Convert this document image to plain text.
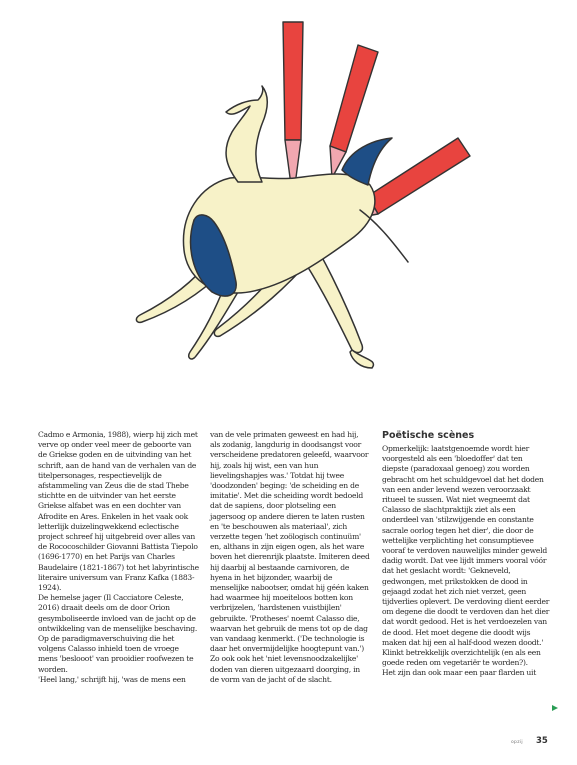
Cadmo e Armonia, 1988), wierp hij zich met verve op onder veel meer de geboorte van de Griekse goden en de uitvinding van het schrift, aan de hand van de verhalen van de titelpersonages, respectievelijk de afstammeling van Zeus die de stad Thebe stichtte en de uitvinder van het eerste Griekse alfabet was en een dochter van Afrodite en Ares. Enkelen in het vaak ook letterlijk duizelingwekkend eclectische project schreef hij uitgebreid over alles van de Rococoschilder Giovanni Battista Tiepolo (1696-1770) en het Parijs van Charles Baudelaire (1821-1867) tot het labyrintische literaire universum van Franz Kafka (1883-1924).

De hemelse jager (Il Cacciatore Celeste, 2016) draait deels om de door Orion gesymboliseerde invloed van de jacht op de ontwikkeling van de menselijke beschaving. Op de paradigmaverschuiving die het volgens Calasso inhield toen de vroege mens 'beslooot' van prooidier roofwezen te worden.

'Heel lang,' schrijft hij, 'was de mens een

van de vele primaten geweest en had hij, als zodanig, langdurig in doodsangst voor verscheidene predatoren geleefd, waarvoor hij, zoals hij wist, een van hun lievelingshapjes was.' Totdat hij twee 'doodzonden' beging: 'de scheiding en de imitatie'. Met die scheiding wordt bedoeld dat de sapiens, door plotseling een jagersoog op andere dieren te laten rusten en 'te beschouwen als materiaal', zich verzette tegen 'het zoölogisch continuüm' en, althans in zijn eigen ogen, als het ware boven het dierenrijk plaatste. Imiteren deed hij daarbij al bestaande carnivoren, de hyena in het bijzonder, waarbij de menselijke nabootser, omdat hij géén kaken had waarmee hij moeiteloos botten kon verbrijzelen, 'hardstenen vuistbijlen' gebruikte. 'Protheses' noemt Calasso die, waarvan het gebruik de mens tot op de dag van vandaag kenmerkt. ('De technologie is daar het onvermijdelijke hoogtepunt van.') Zo ook ook het 'niet levensnoodzakelijke' doden van dieren uitgezaard doorging, in de vorm van de jacht of de slacht.

Poëtische scènes

Opmerkelijk: laatstgenoemde wordt hier voorgesteld als een 'bloedoffer' dat ten diepste (paradoxaal genoeg) zou worden gebracht om het schuldgevoel dat het doden van een ander levend wezen veroorzaakt ritueel te sussen. Wat niet wegneemt dat Calasso de slachtpraktijk ziet als een onderdeel van 'stilzwijgende en constante sacrale oorlog tegen het dier', die door de wettelijke verplichting het consumptievee vooraf te verdoven nauwelijks minder geweld dadig wordt. Dat vee lijdt immers vooral vóór dat het geslacht wordt: 'Gekneveld, gedwongen, met prikstokken de dood in gejaagd zodat het zich niet verzet, geen tijdverlies oplevert. De verdoving dient eerder om degene die doodt te verdoven dan het dier dat wordt gedood. Het is het verdoezelen van de dood. Het moet degene die doodt wijs maken dat hij een al half-dood wezen doodt.' Klinkt betrekkelijk overzichtelijk (en als een goede reden om vegetariër te worden?).

Het zijn dan ook maar een paar flarden uit

opzij 35
